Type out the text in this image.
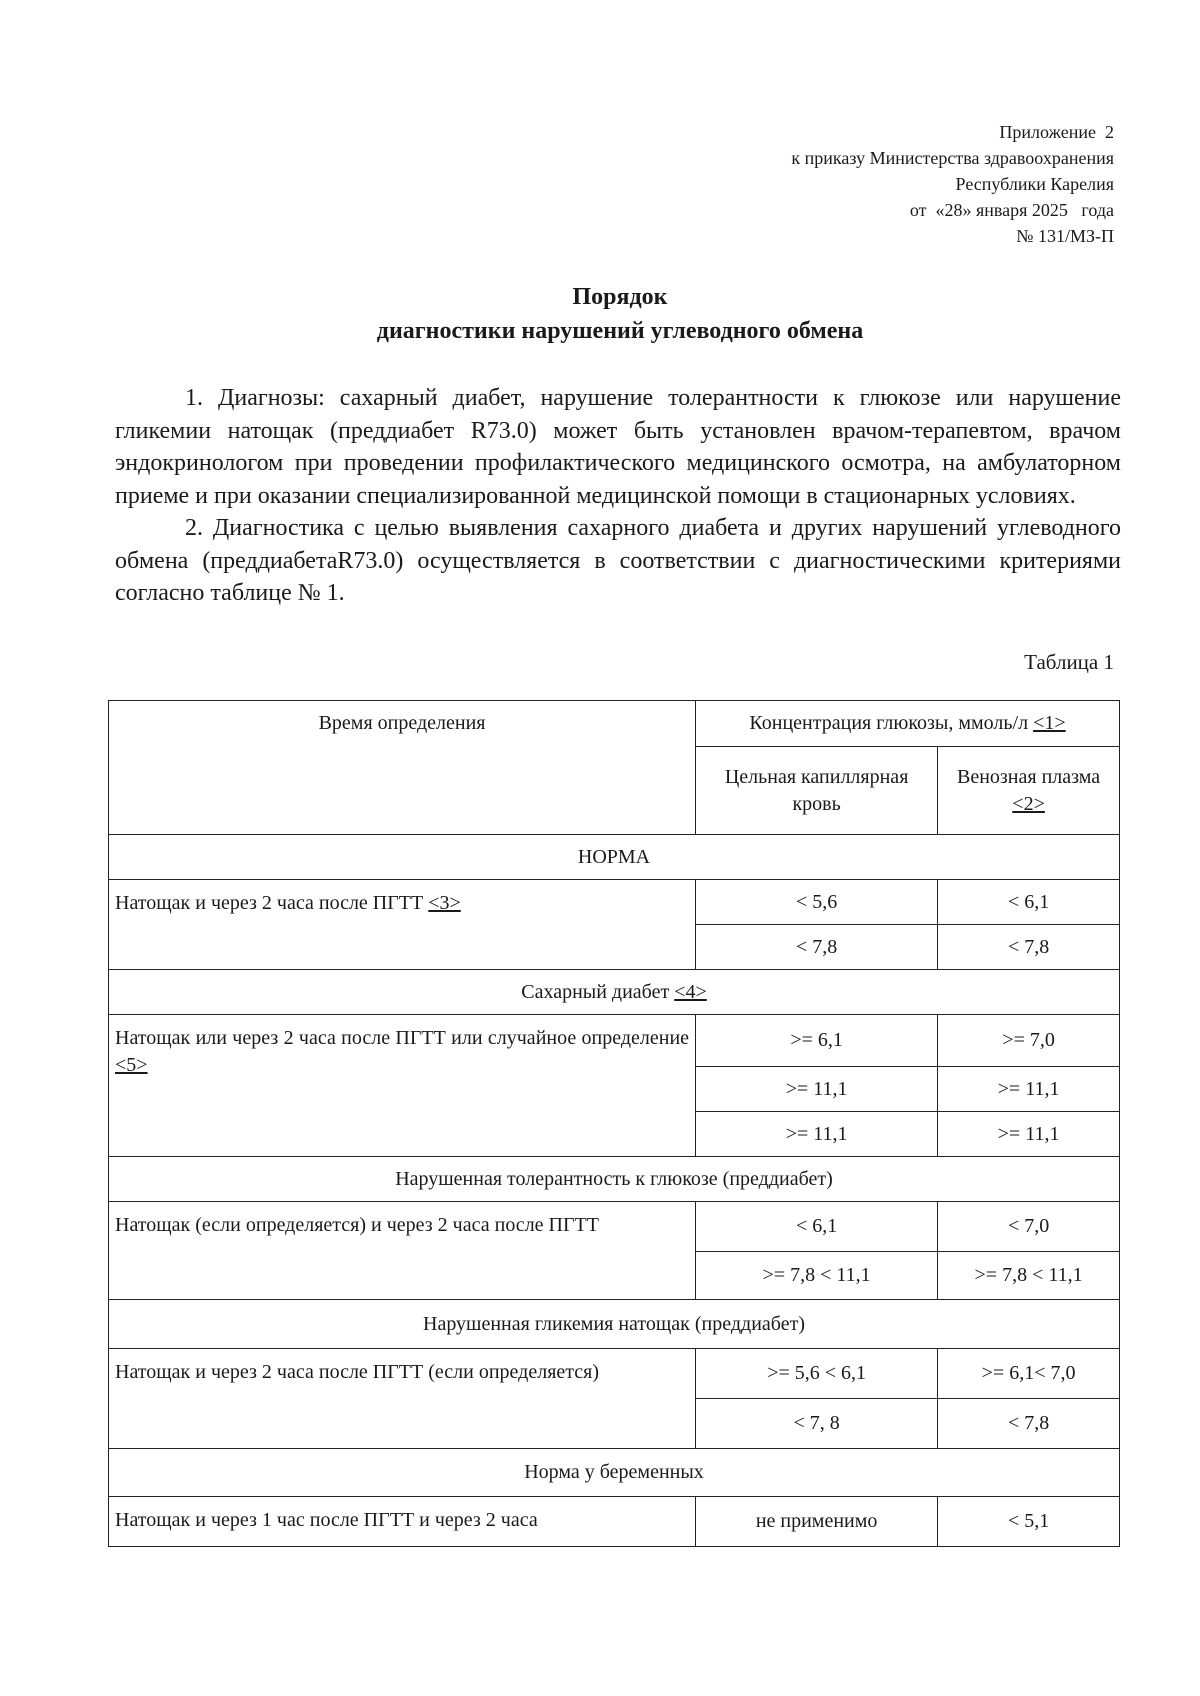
Приложение  2
к приказу Министерства здравоохранения
Республики Карелия
от  «28» января 2025   года
№ 131/МЗ-П
Порядок
диагностики нарушений углеводного обмена

1. Диагнозы: сахарный диабет, нарушение толерантности к глюкозе или нарушение гликемии натощак (преддиабет R73.0) может быть установлен врачом-терапевтом, врачом эндокринологом при проведении профилактического медицинского осмотра, на амбулаторном приеме и при оказании специализированной медицинской помощи в стационарных условиях.

2. Диагностика с целью выявления сахарного диабета и других нарушений углеводного обмена (преддиабетаR73.0) осуществляется в соответствии с диагностическими критериями согласно таблице № 1.

Таблица 1
Время определения	Концентрация глюкозы, ммоль/л <1>	
	Цельная капиллярная кровь	Венозная плазма <2>
НОРМА		
Натощак и через 2 часа после ПГТТ <3>	< 5,6	< 6,1
	< 7,8	< 7,8
Сахарный диабет <4>		
Натощак или через 2 часа после ПГТТ или случайное определение <5>	>= 6,1	>= 7,0
	>= 11,1	>= 11,1
	>= 11,1	>= 11,1
Нарушенная толерантность к глюкозе (преддиабет)		
Натощак (если определяется) и через 2 часа после ПГТТ	< 6,1	< 7,0
	>= 7,8 < 11,1	>= 7,8 < 11,1
Нарушенная гликемия натощак (преддиабет)		
Натощак и через 2 часа после ПГТТ (если определяется)	>= 5,6 < 6,1	>= 6,1< 7,0
	< 7, 8	< 7,8
Норма у беременных		
Натощак и через 1 час после ПГТТ и через 2 часа	не применимо	< 5,1
